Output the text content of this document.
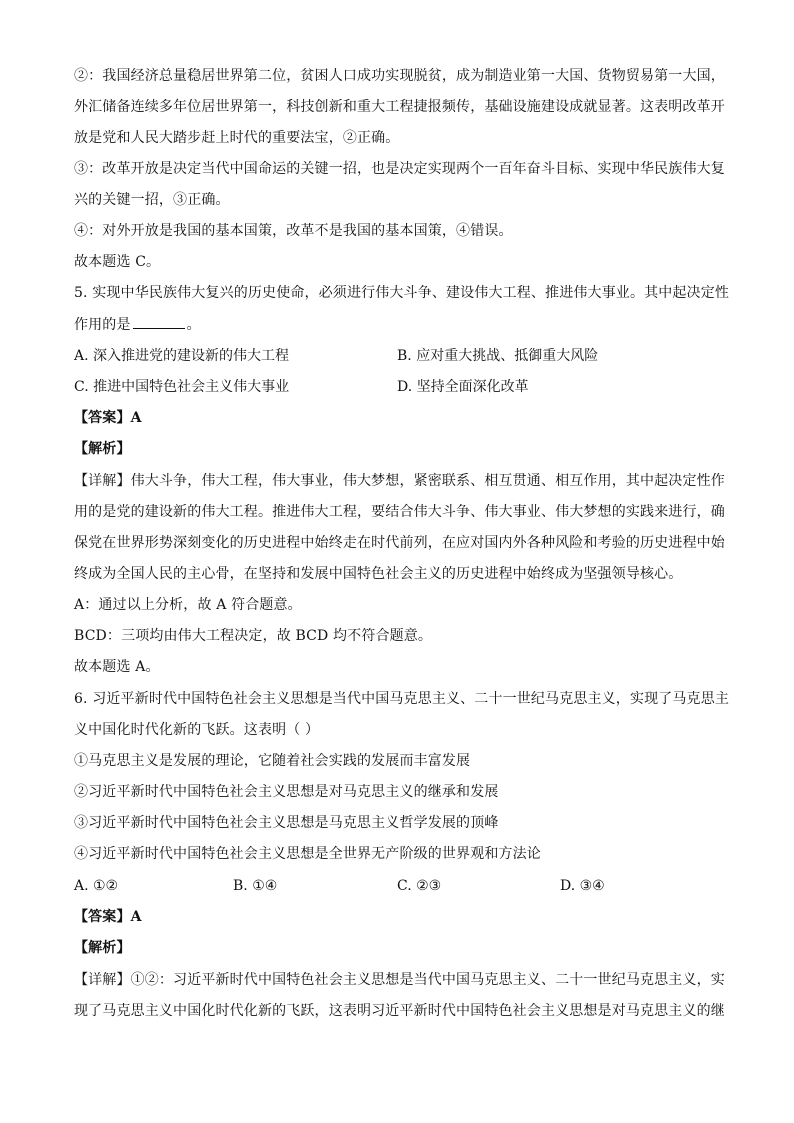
②：我国经济总量稳居世界第二位，贫困人口成功实现脱贫，成为制造业第一大国、货物贸易第一大国，
外汇储备连续多年位居世界第一，科技创新和重大工程捷报频传，基础设施建设成就显著。这表明改革开
放是党和人民大踏步赶上时代的重要法宝，②正确。
③：改革开放是决定当代中国命运的关键一招，也是决定实现两个一百年奋斗目标、实现中华民族伟大复
兴的关键一招，③正确。
④：对外开放是我国的基本国策，改革不是我国的基本国策，④错误。
故本题选 C。
5. 实现中华民族伟大复兴的历史使命，必须进行伟大斗争、建设伟大工程、推进伟大事业。其中起决定性
作用的是	。
A. 深入推进党的建设新的伟大工程	B. 应对重大挑战、抵御重大风险
C. 推进中国特色社会主义伟大事业	D. 坚持全面深化改革
【答案】A
【解析】
【详解】伟大斗争，伟大工程，伟大事业，伟大梦想，紧密联系、相互贯通、相互作用，其中起决定性作
用的是党的建设新的伟大工程。推进伟大工程，要结合伟大斗争、伟大事业、伟大梦想的实践来进行，确
保党在世界形势深刻变化的历史进程中始终走在时代前列，在应对国内外各种风险和考验的历史进程中始
终成为全国人民的主心骨，在坚持和发展中国特色社会主义的历史进程中始终成为坚强领导核心。
A：通过以上分析，故 A 符合题意。
BCD：三项均由伟大工程决定，故 BCD 均不符合题意。
故本题选 A。
6. 习近平新时代中国特色社会主义思想是当代中国马克思主义、二十一世纪马克思主义，实现了马克思主
义中国化时代化新的飞跃。这表明（ ）
①马克思主义是发展的理论，它随着社会实践的发展而丰富发展
②习近平新时代中国特色社会主义思想是对马克思主义的继承和发展
③习近平新时代中国特色社会主义思想是马克思主义哲学发展的顶峰
④习近平新时代中国特色社会主义思想是全世界无产阶级的世界观和方法论
A. ①②	B. ①④	C. ②③	D. ③④
【答案】A
【解析】
【详解】①②：习近平新时代中国特色社会主义思想是当代中国马克思主义、二十一世纪马克思主义，实
现了马克思主义中国化时代化新的飞跃，这表明习近平新时代中国特色社会主义思想是对马克思主义的继
